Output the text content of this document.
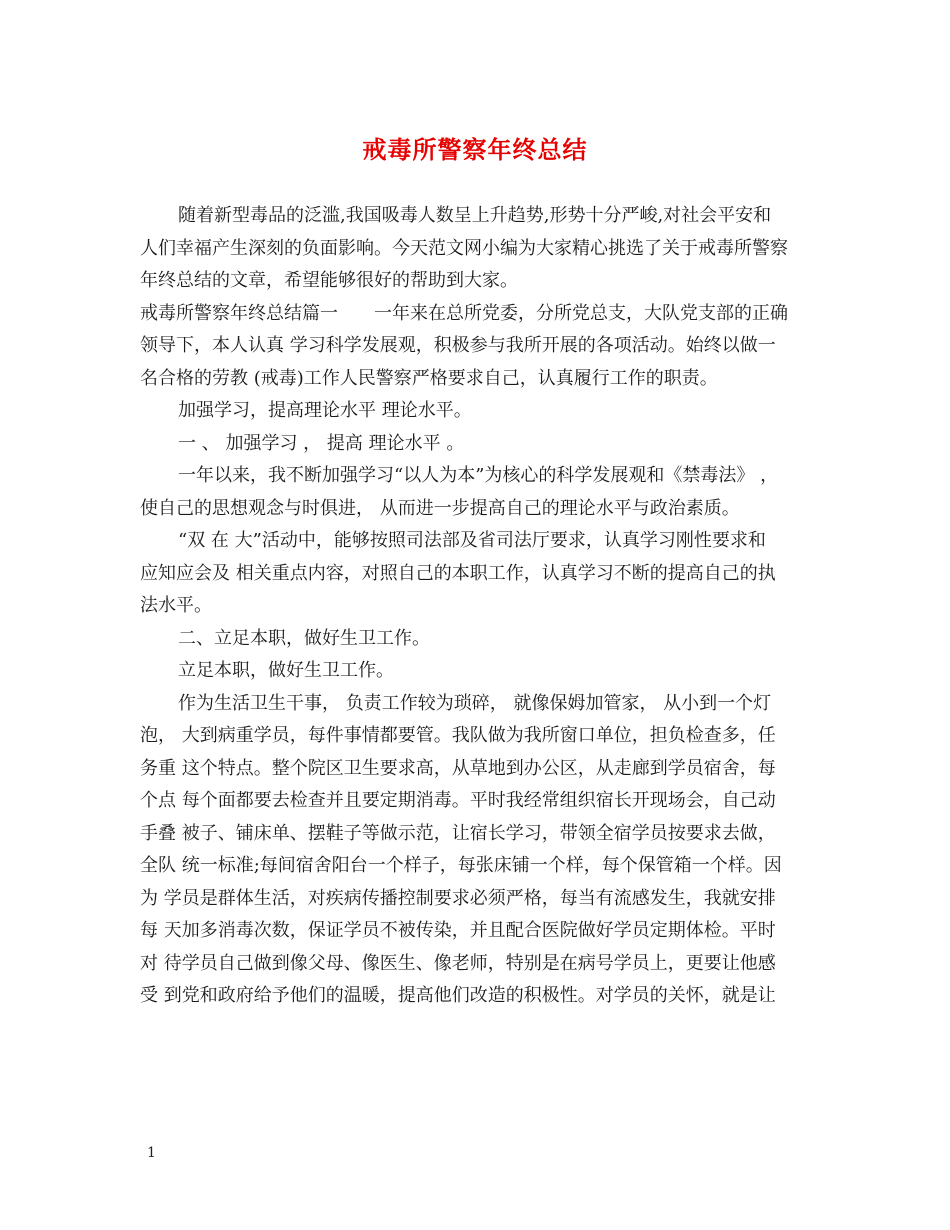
戒毒所警察年终总结
随着新型毒品的泛滥,我国吸毒人数呈上升趋势,形势十分严峻,对社会平安和
人们幸福产生深刻的负面影响。今天范文网小编为大家精心挑选了关于戒毒所警察
年终总结的文章，希望能够很好的帮助到大家。
戒毒所警察年终总结篇一　　一年来在总所党委，分所党总支，大队党支部的正确
领导下，本人认真 学习科学发展观，积极参与我所开展的各项活动。始终以做一
名合格的劳教 (戒毒)工作人民警察严格要求自己，认真履行工作的职责。
加强学习，提高理论水平 理论水平。
一 、 加强学习 ， 提高 理论水平 。
一年以来，我不断加强学习“以人为本”为核心的科学发展观和《禁毒法》 ，
使自己的思想观念与时俱进， 从而进一步提高自己的理论水平与政治素质。
“双 在 大”活动中，能够按照司法部及省司法厅要求，认真学习刚性要求和
应知应会及 相关重点内容，对照自己的本职工作，认真学习不断的提高自己的执
法水平。
二、立足本职，做好生卫工作。
立足本职，做好生卫工作。
作为生活卫生干事， 负责工作较为琐碎， 就像保姆加管家， 从小到一个灯
泡， 大到病重学员，每件事情都要管。我队做为我所窗口单位，担负检查多，任
务重 这个特点。整个院区卫生要求高，从草地到办公区，从走廊到学员宿舍，每
个点 每个面都要去检查并且要定期消毒。平时我经常组织宿长开现场会，自己动
手叠 被子、铺床单、摆鞋子等做示范，让宿长学习，带领全宿学员按要求去做，
全队 统一标准;每间宿舍阳台一个样子，每张床铺一个样，每个保管箱一个样。因
为 学员是群体生活，对疾病传播控制要求必须严格，每当有流感发生，我就安排
每 天加多消毒次数，保证学员不被传染，并且配合医院做好学员定期体检。平时
对 待学员自己做到像父母、像医生、像老师，特别是在病号学员上，更要让他感
受 到党和政府给予他们的温暖，提高他们改造的积极性。对学员的关怀，就是让
1
